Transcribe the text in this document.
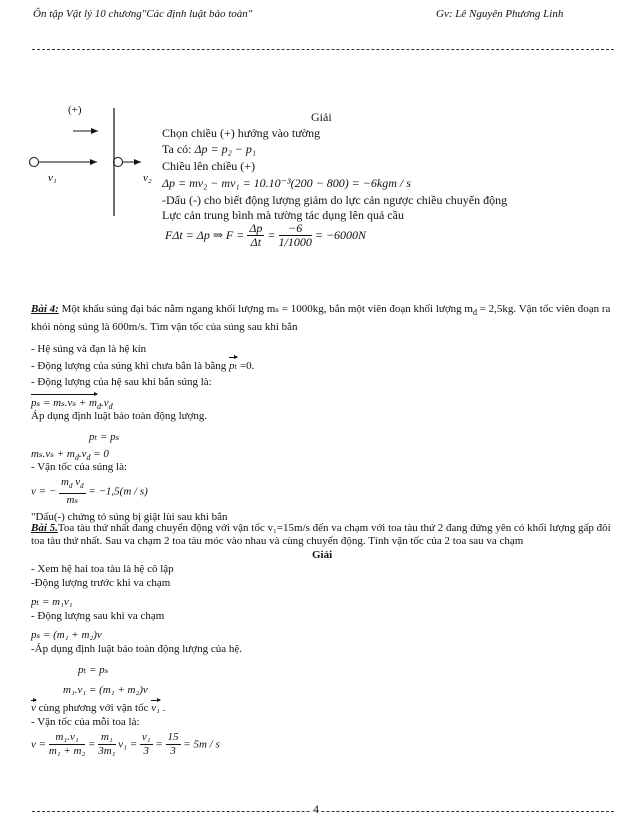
Ôn tập Vật lý 10 chương"Các định luật bảo toàn"	Gv: Lê Nguyên Phương Linh
(+)
v₁	v₂
Giải
Chọn chiều (+) hướng vào tường
Ta có: Δp = p₂ − p₁
Chiều lên chiều (+)
Δp = mv₂ − mv₁ = 10.10⁻³(200 − 800) = −6kgm / s
-Dấu (-) cho biết động lượng giảm do lực cản ngược chiều chuyển động
Lực cản trung bình mà tường tác dụng lên quả cầu
FΔt = Δp ⇒ $F = \frac{\Delta p}{\Delta t} = \frac{-6}{1/1000} = -6000N$
Bài 4: Một khẩu súng đại bác nằm ngang khối lượng mₛ = 1000kg, bắn một viên đoạn khối lượng $m_đ = 2,5kg$. Vận tốc viên đoạn ra khỏi nòng súng là 600m/s. Tìm vận tốc của súng sau khi bắn
- Hệ súng và đạn là hệ kín
- Động lượng của súng khi chưa bắn là bằng pₜ =0.
- Động lượng của hệ sau khi bắn súng là:
$p_s = m_s.v_s + m_đ.v_đ$
Áp dụng định luật bảo toàn động lượng.
pₜ = pₛ
$m_s.v_s + m_đ.v_đ = 0$
- Vận tốc của súng là:
v = − $\frac{m_đ v_đ}{\text{mₛ}} = -1,5(m / s)$
"Dấu(-) chứng tỏ súng bị giật lùi sau khi bắn
Bài 5.Toa tàu thứ nhất đang chuyển động với vận tốc v₁=15m/s đến va chạm với toa tàu thứ 2 đang đứng yên có khối lượng gấp đôi toa tàu thứ nhất. Sau va chạm 2 toa tàu móc vào nhau và cùng chuyển động. Tính vận tốc của 2 toa sau va chạm
Giải
- Xem hệ hai toa tàu là hệ cô lập
-Động lượng trước khi va chạm
pₜ = m₁v₁
- Động lượng sau khi va chạm
pₛ = (m₁ + m₂)v
-Áp dụng định luật bảo toàn động lượng của hệ.
pₜ = pₛ
m₁.v₁ = (m₁ + m₂)v
v cùng phương với vận tốc v₁ .
- Vận tốc của mỗi toa là:
$v = \frac{\text{m₁.v₁}}{\text{m₁ + m₂}} = \frac{\text{m₁}}{\text{3m₁}} v_1 = \frac{\text{v₁}}{3} = \frac{15}{3} = 5m / s$
4
